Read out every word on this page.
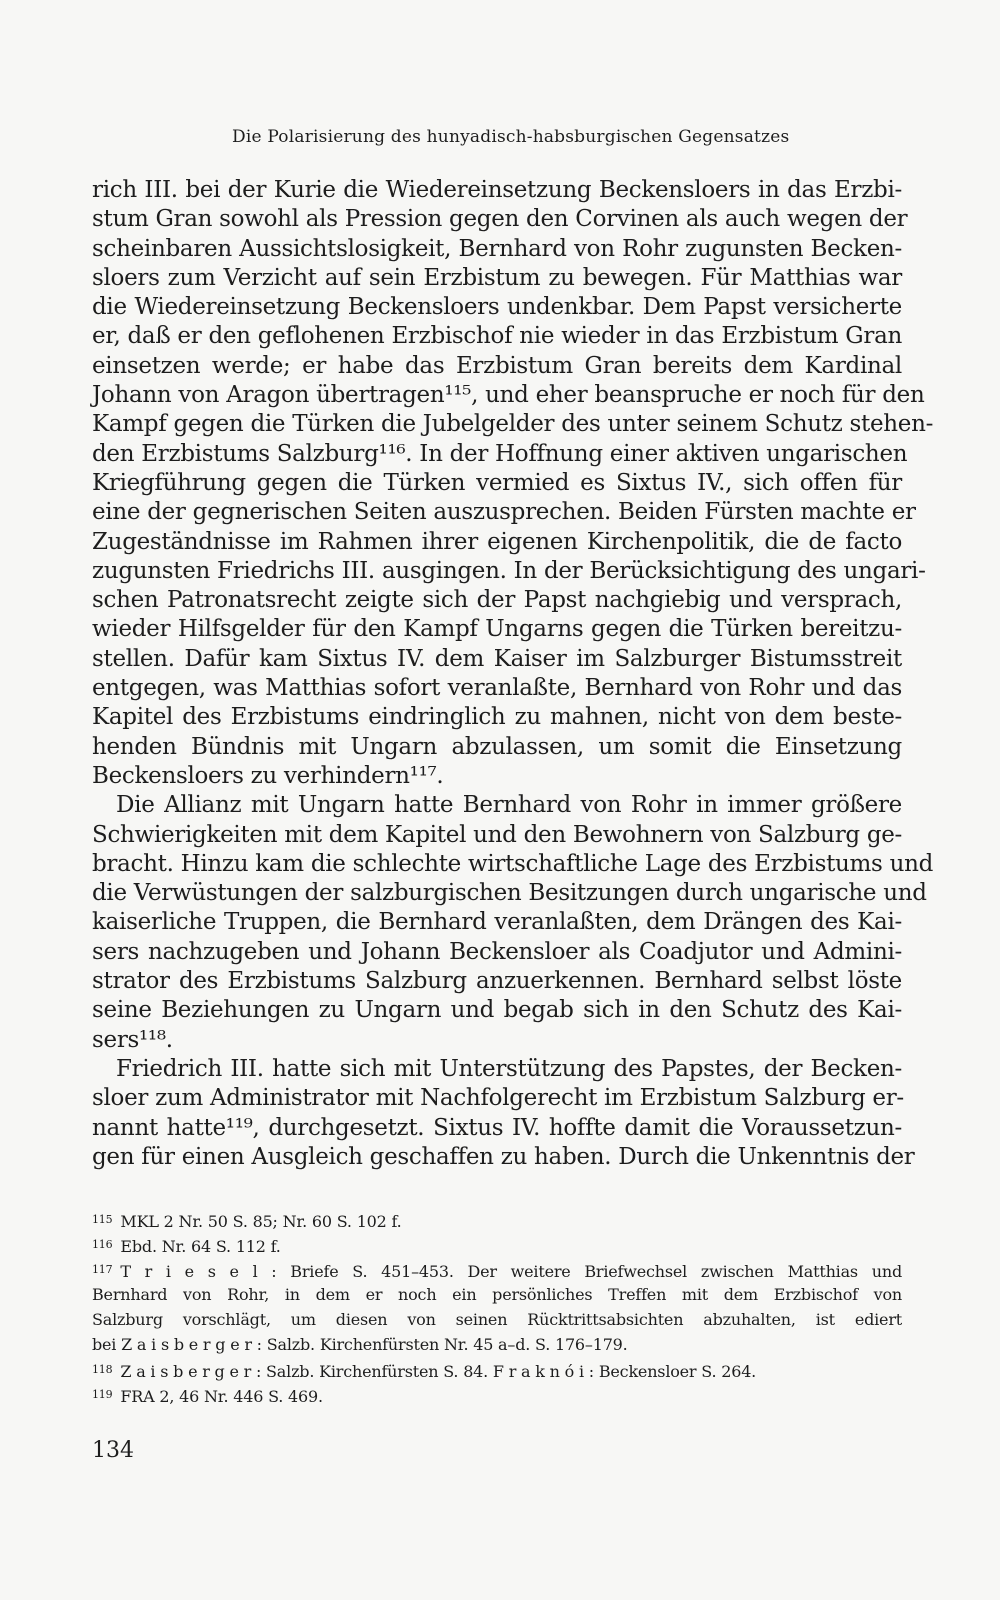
Die Polarisierung des hunyadisch-habsburgischen Gegensatzes
rich III. bei der Kurie die Wiedereinsetzung Beckensloers in das Erzbi-
stum Gran sowohl als Pression gegen den Corvinen als auch wegen der
scheinbaren Aussichtslosigkeit, Bernhard von Rohr zugunsten Becken-
sloers zum Verzicht auf sein Erzbistum zu bewegen. Für Matthias war
die Wiedereinsetzung Beckensloers undenkbar. Dem Papst versicherte
er, daß er den geflohenen Erzbischof nie wieder in das Erzbistum Gran
einsetzen werde; er habe das Erzbistum Gran bereits dem Kardinal
Johann von Aragon übertragen¹¹⁵, und eher beanspruche er noch für den
Kampf gegen die Türken die Jubelgelder des unter seinem Schutz stehen-
den Erzbistums Salzburg¹¹⁶. In der Hoffnung einer aktiven ungarischen
Kriegführung gegen die Türken vermied es Sixtus IV., sich offen für
eine der gegnerischen Seiten auszusprechen. Beiden Fürsten machte er
Zugeständnisse im Rahmen ihrer eigenen Kirchenpolitik, die de facto
zugunsten Friedrichs III. ausgingen. In der Berücksichtigung des ungari-
schen Patronatsrecht zeigte sich der Papst nachgiebig und versprach,
wieder Hilfsgelder für den Kampf Ungarns gegen die Türken bereitzu-
stellen. Dafür kam Sixtus IV. dem Kaiser im Salzburger Bistumsstreit
entgegen, was Matthias sofort veranlaßte, Bernhard von Rohr und das
Kapitel des Erzbistums eindringlich zu mahnen, nicht von dem beste-
henden Bündnis mit Ungarn abzulassen, um somit die Einsetzung
Beckensloers zu verhindern¹¹⁷.
Die Allianz mit Ungarn hatte Bernhard von Rohr in immer größere
Schwierigkeiten mit dem Kapitel und den Bewohnern von Salzburg ge-
bracht. Hinzu kam die schlechte wirtschaftliche Lage des Erzbistums und
die Verwüstungen der salzburgischen Besitzungen durch ungarische und
kaiserliche Truppen, die Bernhard veranlaßten, dem Drängen des Kai-
sers nachzugeben und Johann Beckensloer als Coadjutor und Admini-
strator des Erzbistums Salzburg anzuerkennen. Bernhard selbst löste
seine Beziehungen zu Ungarn und begab sich in den Schutz des Kai-
sers¹¹⁸.
Friedrich III. hatte sich mit Unterstützung des Papstes, der Becken-
sloer zum Administrator mit Nachfolgerecht im Erzbistum Salzburg er-
nannt hatte¹¹⁹, durchgesetzt. Sixtus IV. hoffte damit die Voraussetzun-
gen für einen Ausgleich geschaffen zu haben. Durch die Unkenntnis der
$^{115}$ MKL 2 Nr. 50 S. 85; Nr. 60 S. 102 f.
$^{116}$ Ebd. Nr. 64 S. 112 f.
$^{117}$ T r i e s e l : Briefe S. 451–453. Der weitere Briefwechsel zwischen Matthias und
Bernhard von Rohr, in dem er noch ein persönliches Treffen mit dem Erzbischof von
Salzburg vorschlägt, um diesen von seinen Rücktrittsabsichten abzuhalten, ist ediert
bei Z a i s b e r g e r : Salzb. Kirchenfürsten Nr. 45 a–d. S. 176–179.
$^{118}$ Z a i s b e r g e r : Salzb. Kirchenfürsten S. 84. F r a k n ó i : Beckensloer S. 264.
$^{119}$ FRA 2, 46 Nr. 446 S. 469.
134
